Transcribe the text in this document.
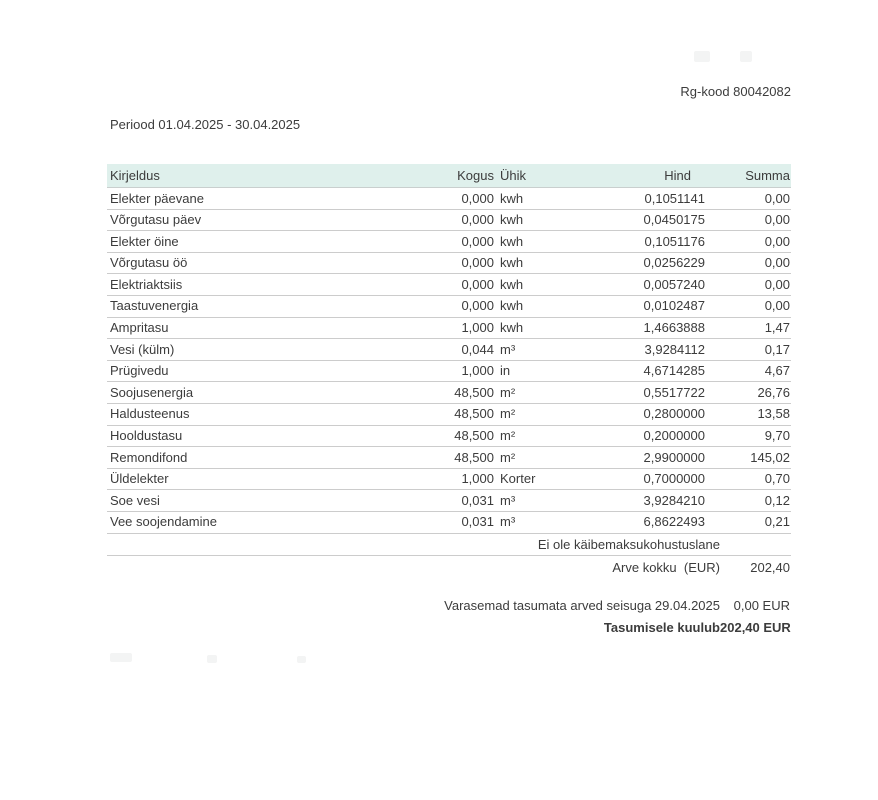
Rg-kood 80042082
Periood 01.04.2025 - 30.04.2025
Kirjeldus	Kogus Ühik	Hind	Summa
Elekter päevane	0,000 kwh	0,1051141	0,00
Võrgutasu päev	0,000 kwh	0,0450175	0,00
Elekter öine	0,000 kwh	0,1051176	0,00
Võrgutasu öö	0,000 kwh	0,0256229	0,00
Elektriaktsiis	0,000 kwh	0,0057240	0,00
Taastuvenergia	0,000 kwh	0,0102487	0,00
Ampritasu	1,000 kwh	1,4663888	1,47
Vesi (külm)	0,044 m³	3,9284112	0,17
Prügivedu	1,000 in	4,6714285	4,67
Soojusenergia	48,500 m²	0,5517722	26,76
Haldusteenus	48,500 m²	0,2800000	13,58
Hooldustasu	48,500 m²	0,2000000	9,70
Remondifond	48,500 m²	2,9900000	145,02
Üldelekter	1,000 Korter	0,7000000	0,70
Soe vesi	0,031 m³	3,9284210	0,12
Vee soojendamine	0,031 m³	6,8622493	0,21
Ei ole käibemaksukohustuslane
Arve kokku  (EUR)	202,40
Varasemad tasumata arved seisuga 29.04.2025	0,00 EUR
Tasumisele kuulub 202,40 EUR
